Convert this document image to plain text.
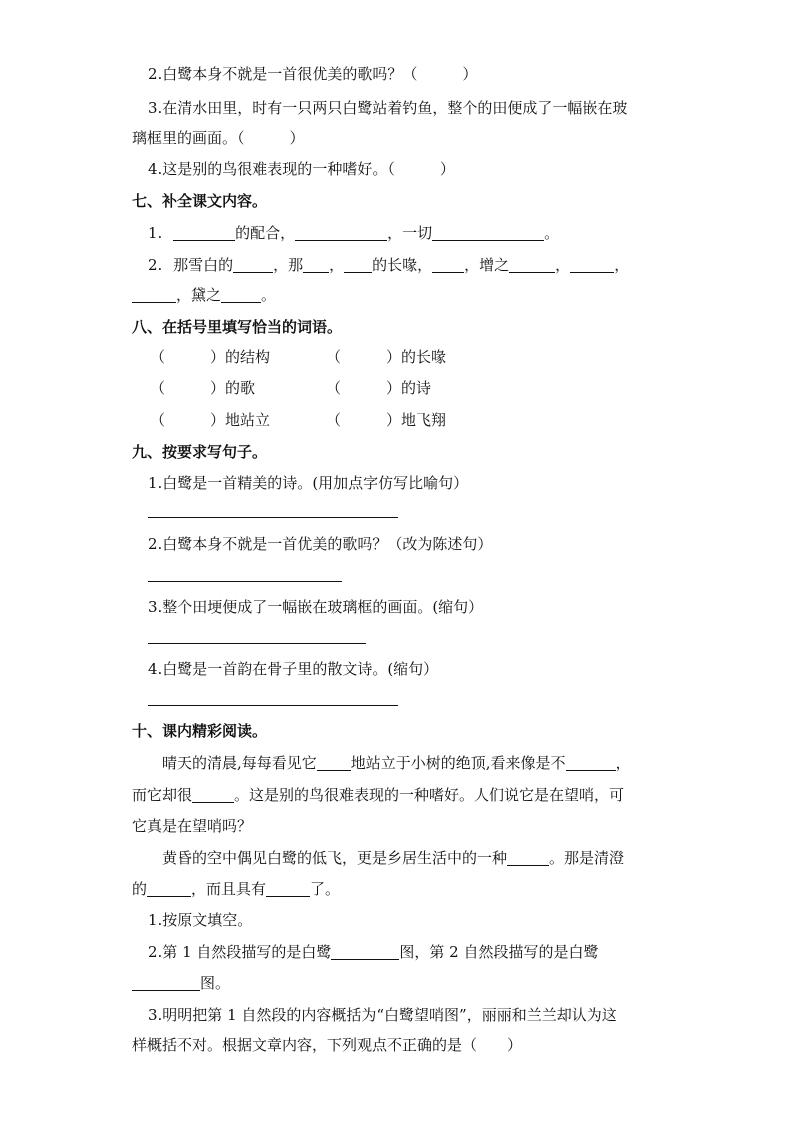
2.白鹭本身不就是一首很优美的歌吗？（　　　）
3.在清水田里，时有一只两只白鹭站着钓鱼，整个的田便成了一幅嵌在玻
璃框里的画面。（　　　）
4.这是别的鸟很难表现的一种嗜好。（　　　）
七、补全课文内容。
1.	的配合，	，一切	。
2. 那雪白的	，那 ， 的长喙， ，增之	，	，
，黛之	。
八、在括号里填写恰当的词语。
（　　　）的结构	（　　　）的长喙
（　　　）的歌	（　　　）的诗
（　　　）地站立	（　　　）地飞翔
九、按要求写句子。
1.白鹭是一首精美的诗。(用加点字仿写比喻句）
2.白鹭本身不就是一首优美的歌吗？（改为陈述句）
3.整个田埂便成了一幅嵌在玻璃框的画面。(缩句）
4.白鹭是一首韵在骨子里的散文诗。(缩句）
十、课内精彩阅读。
晴天的清晨,每每看见它 地站立于小树的绝顶,看来像是不	，
而它却很	。这是别的鸟很难表现的一种嗜好。人们说它是在望哨，可
它真是在望哨吗？
黄昏的空中偶见白鹭的低飞，更是乡居生活中的一种	。那是清澄
的	，而且具有	了。
1.按原文填空。
2.第 1 自然段描写的是白鹭	图，第 2 自然段描写的是白鹭
图。
3.明明把第 1 自然段的内容概括为“白鹭望哨图”，丽丽和兰兰却认为这
样概括不对。根据文章内容，下列观点不正确的是（　　）
